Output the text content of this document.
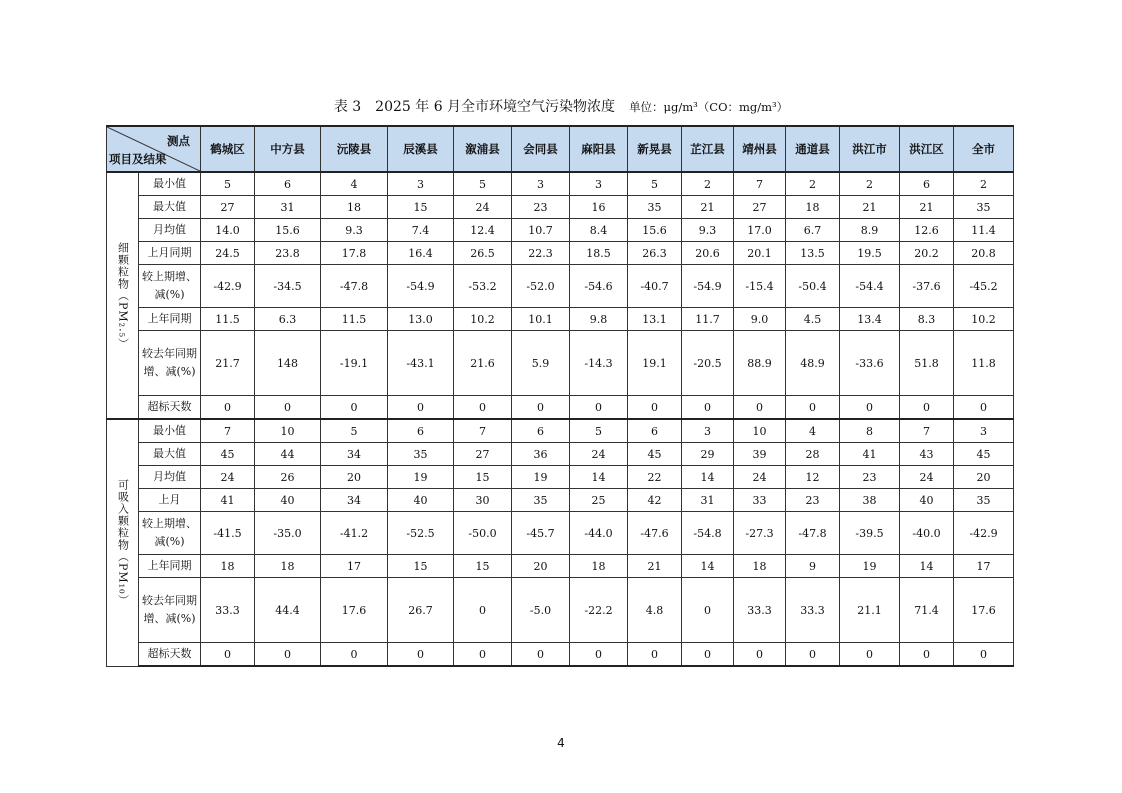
表 3　2025 年 6 月全市环境空气污染物浓度 单位：μg/m³（CO：mg/m³）
测点
项目及结果		鹤城区	中方县	沅陵县	辰溪县	溆浦县	会同县	麻阳县	新晃县	芷江县	靖州县	通道县	洪江市	洪江区	全市

细颗粒物（PM₂.₅）	最小值	5	6	4	3	5	3	3	5	2	7	2	2	6	2

	最大值	27	31	18	15	24	23	16	35	21	27	18	21	21	35

	月均值	14.0	15.6	9.3	7.4	12.4	10.7	8.4	15.6	9.3	17.0	6.7	8.9	12.6	11.4

	上月同期	24.5	23.8	17.8	16.4	26.5	22.3	18.5	26.3	20.6	20.1	13.5	19.5	20.2	20.8

	较上期增、减(%)	-42.9	-34.5	-47.8	-54.9	-53.2	-52.0	-54.6	-40.7	-54.9	-15.4	-50.4	-54.4	-37.6	-45.2

	上年同期	11.5	6.3	11.5	13.0	10.2	10.1	9.8	13.1	11.7	9.0	4.5	13.4	8.3	10.2

	较去年同期增、减(%)	21.7	148	-19.1	-43.1	21.6	5.9	-14.3	19.1	-20.5	88.9	48.9	-33.6	51.8	11.8

	超标天数	0	0	0	0	0	0	0	0	0	0	0	0	0	0

可吸入颗粒物（PM₁₀）	最小值	7	10	5	6	7	6	5	6	3	10	4	8	7	3

	最大值	45	44	34	35	27	36	24	45	29	39	28	41	43	45

	月均值	24	26	20	19	15	19	14	22	14	24	12	23	24	20

	上月	41	40	34	40	30	35	25	42	31	33	23	38	40	35

	较上期增、减(%)	-41.5	-35.0	-41.2	-52.5	-50.0	-45.7	-44.0	-47.6	-54.8	-27.3	-47.8	-39.5	-40.0	-42.9

	上年同期	18	18	17	15	15	20	18	21	14	18	9	19	14	17

	较去年同期增、减(%)	33.3	44.4	17.6	26.7	0	-5.0	-22.2	4.8	0	33.3	33.3	21.1	71.4	17.6

	超标天数	0	0	0	0	0	0	0	0	0	0	0	0	0	0
4
